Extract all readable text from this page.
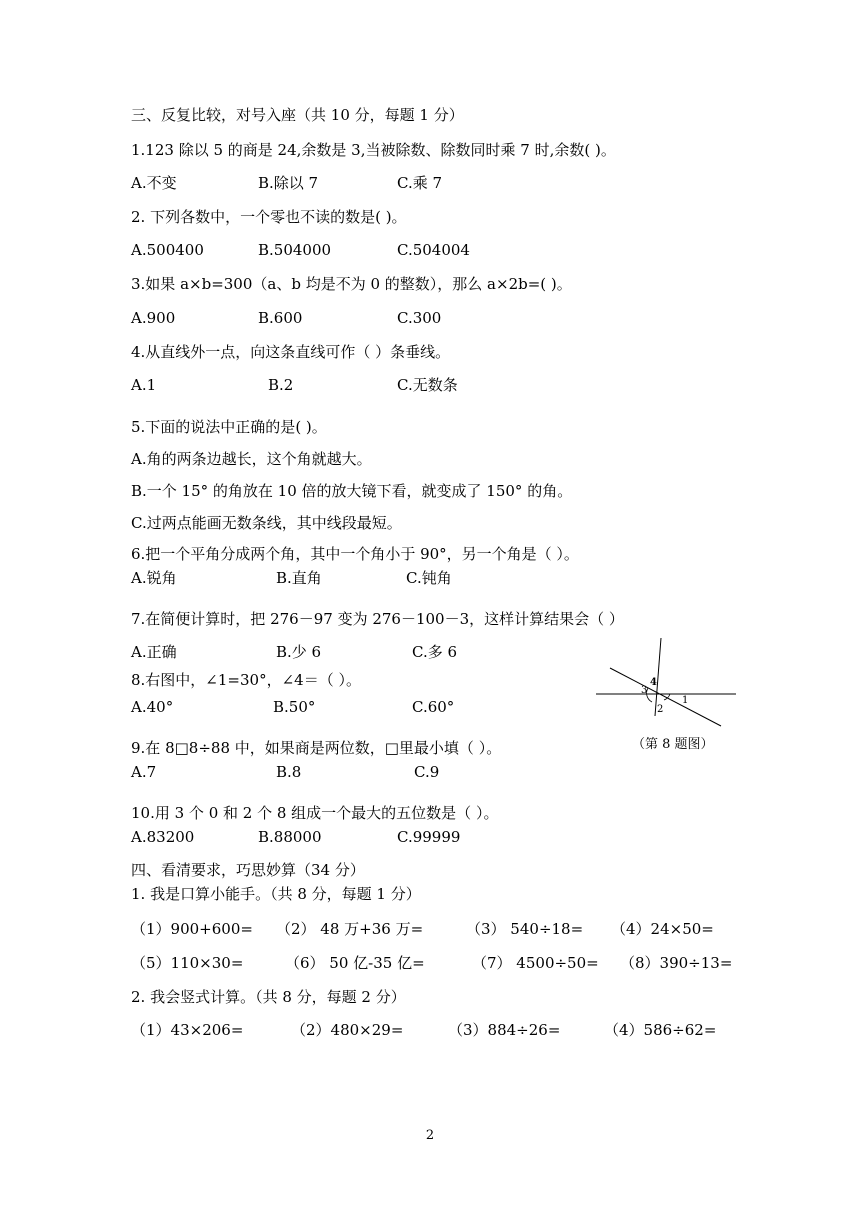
三、反复比较，对号入座（共 10 分，每题 1 分）
1.123 除以 5 的商是 24,余数是 3,当被除数、除数同时乘 7 时,余数( )。
A.不变	B.除以 7	C.乘 7
2. 下列各数中，一个零也不读的数是( )。
A.500400	B.504000	C.504004
3.如果 a×b=300（a、b 均是不为 0 的整数），那么 a×2b=( )。
A.900	B.600	C.300
4.从直线外一点，向这条直线可作（ ）条垂线。
A.1	B.2	C.无数条
5.下面的说法中正确的是( )。
A.角的两条边越长，这个角就越大。
B.一个 15° 的角放在 10 倍的放大镜下看，就变成了 150° 的角。
C.过两点能画无数条线，其中线段最短。
6.把一个平角分成两个角，其中一个角小于 90°，另一个角是（ ）。
A.锐角	B.直角	C.钝角
7.在简便计算时，把 276－97 变为 276－100－3，这样计算结果会（ ）
A.正确	B.少 6	C.多 6
8.右图中，∠1=30°，∠4＝（ ）。
A.40°	B.50°	C.60°
4
3
1
2
（第 8 题图）
9.在 8□8÷88 中，如果商是两位数，□里最小填（ ）。
A.7	B.8	C.9
10.用 3 个 0 和 2 个 8 组成一个最大的五位数是（ ）。
A.83200	B.88000	C.99999
四、看清要求，巧思妙算（34 分）
1. 我是口算小能手。（共 8 分，每题 1 分）
（1）900+600= （2） 48 万+36 万=	（3） 540÷18= （4）24×50=
（5）110×30=	（6） 50 亿-35 亿=	（7） 4500÷50= （8）390÷13=
2. 我会竖式计算。（共 8 分，每题 2 分）
（1）43×206=	（2）480×29=	（3）884÷26=	（4）586÷62=
2
